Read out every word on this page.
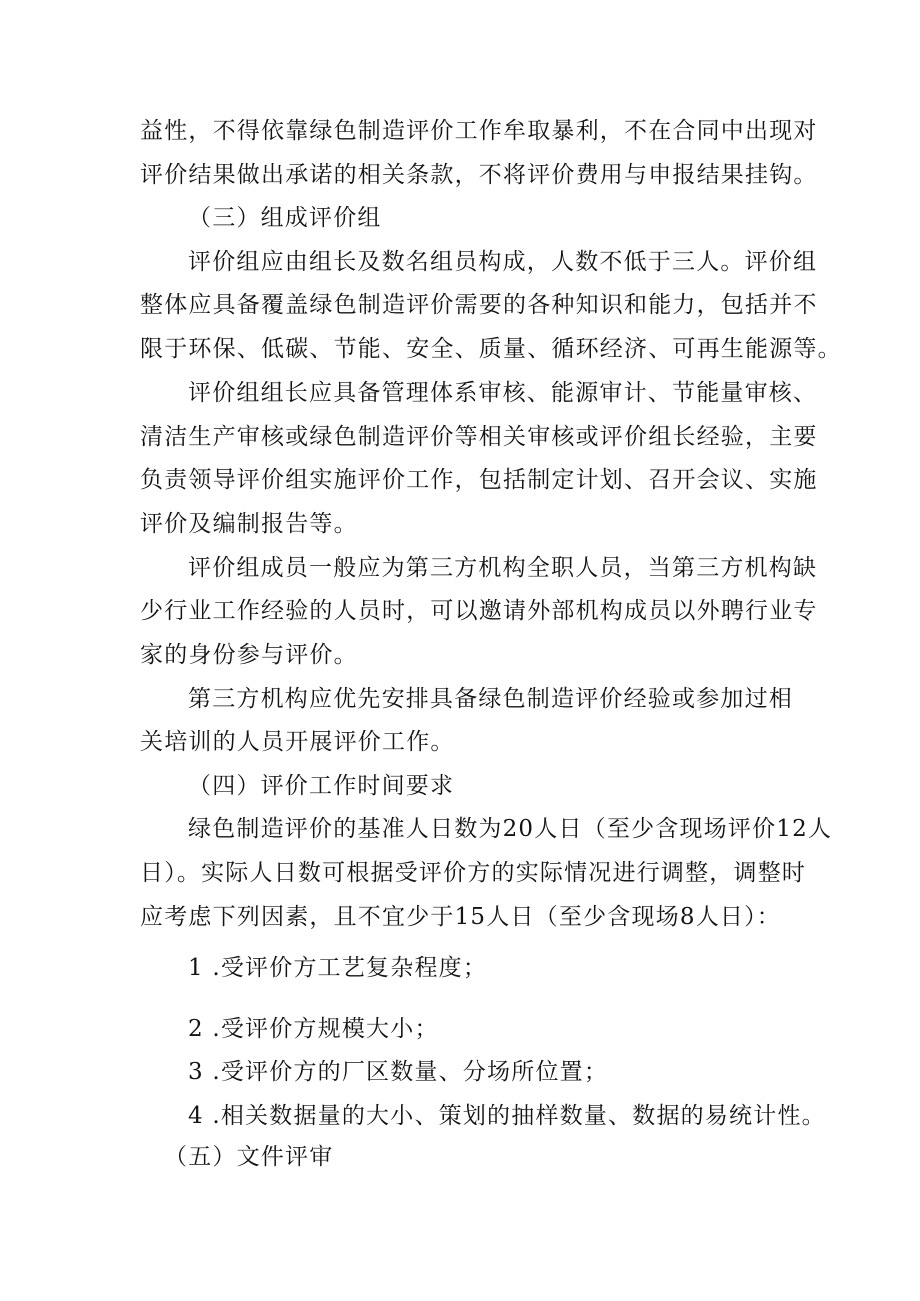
益性，不得依靠绿色制造评价工作牟取暴利，不在合同中出现对
评价结果做出承诺的相关条款，不将评价费用与申报结果挂钩。
（三）组成评价组
评价组应由组长及数名组员构成，人数不低于三人。评价组
整体应具备覆盖绿色制造评价需要的各种知识和能力，包括并不
限于环保、低碳、节能、安全、质量、循环经济、可再生能源等。
评价组组长应具备管理体系审核、能源审计、节能量审核、
清洁生产审核或绿色制造评价等相关审核或评价组长经验，主要
负责领导评价组实施评价工作，包括制定计划、召开会议、实施
评价及编制报告等。
评价组成员一般应为第三方机构全职人员，当第三方机构缺
少行业工作经验的人员时，可以邀请外部机构成员以外聘行业专
家的身份参与评价。
第三方机构应优先安排具备绿色制造评价经验或参加过相
关培训的人员开展评价工作。
（四）评价工作时间要求
绿色制造评价的基准人日数为20人日（至少含现场评价12人
日）。实际人日数可根据受评价方的实际情况进行调整，调整时
应考虑下列因素，且不宜少于15人日（至少含现场8人日）：
1 .受评价方工艺复杂程度；
2 .受评价方规模大小；
3 .受评价方的厂区数量、分场所位置；
4 .相关数据量的大小、策划的抽样数量、数据的易统计性。
（五）文件评审
